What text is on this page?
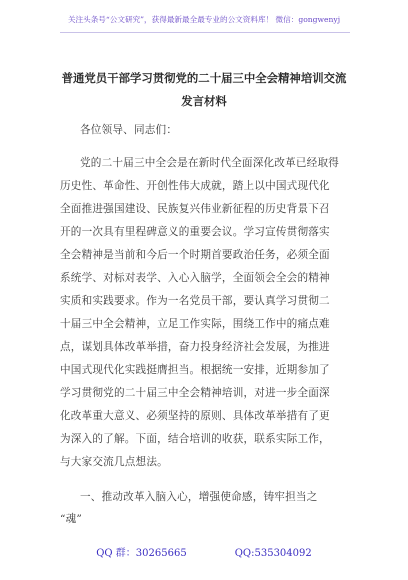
关注头条号“公文研究”，获得最新最全最专业的公文资料库！ 微信：gongwenyj
普通党员干部学习贯彻党的二十届三中全会精神培训交流
发言材料
各位领导、同志们：
党的二十届三中全会是在新时代全面深化改革已经取得
历史性、革命性、开创性伟大成就，踏上以中国式现代化
全面推进强国建设、民族复兴伟业新征程的历史背景下召
开的一次具有里程碑意义的重要会议。学习宣传贯彻落实
全会精神是当前和今后一个时期首要政治任务，必须全面
系统学、对标对表学、入心入脑学，全面领会全会的精神
实质和实践要求。作为一名党员干部，要认真学习贯彻二
十届三中全会精神，立足工作实际，围绕工作中的痛点难
点，谋划具体改革举措，奋力投身经济社会发展，为推进
中国式现代化实践挺膺担当。根据统一安排，近期参加了
学习贯彻党的二十届三中全会精神培训，对进一步全面深
化改革重大意义、必须坚持的原则、具体改革举措有了更
为深入的了解。下面，结合培训的收获，联系实际工作，
与大家交流几点想法。
一、推动改革入脑入心，增强使命感，铸牢担当之
“魂”
QQ 群：30265665	QQ:535304092
